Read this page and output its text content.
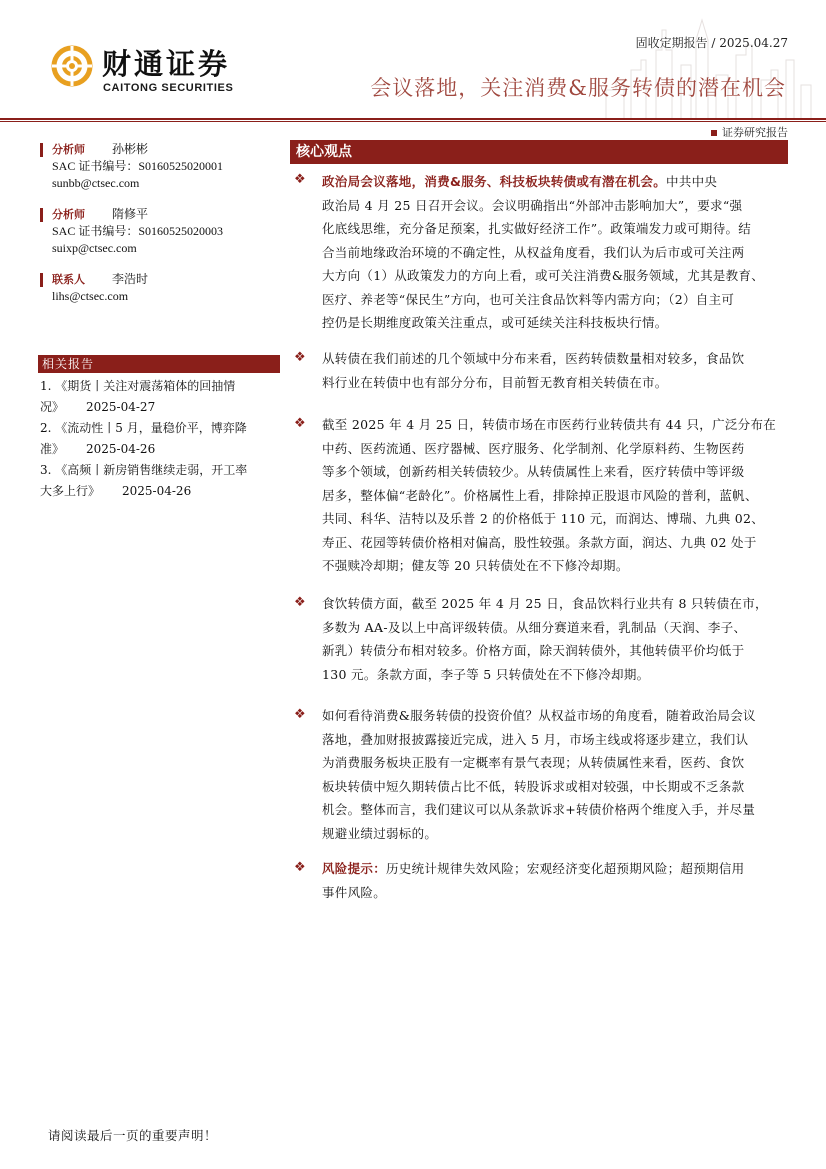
财通证券
CAITONG SECURITIES
固收定期报告 / 2025.04.27
会议落地，关注消费&服务转债的潜在机会
证券研究报告
分析师 孙彬彬
SAC 证书编号：S0160525020001
sunbb@ctsec.com
分析师 隋修平
SAC 证书编号：S0160525020003
suixp@ctsec.com
联系人 李浩时
lihs@ctsec.com
相关报告
1. 《期货丨关注对震荡箱体的回抽情
况》 2025-04-27
2. 《流动性丨5 月，量稳价平，博弈降
准》 2025-04-26
3. 《高频丨新房销售继续走弱，开工率
大多上行》 2025-04-26
核心观点
❖ 政治局会议落地，消费&服务、科技板块转债或有潜在机会。中共中央
政治局 4 月 25 日召开会议。会议明确指出“外部冲击影响加大”，要求“强
化底线思维，充分备足预案，扎实做好经济工作”。政策端发力或可期待。结
合当前地缘政治环境的不确定性，从权益角度看，我们认为后市或可关注两
大方向（1）从政策发力的方向上看，或可关注消费&服务领域，尤其是教育、
医疗、养老等“保民生”方向，也可关注食品饮料等内需方向；（2）自主可
控仍是长期维度政策关注重点，或可延续关注科技板块行情。
❖ 从转债在我们前述的几个领域中分布来看，医药转债数量相对较多，食品饮
料行业在转债中也有部分分布，目前暂无教育相关转债在市。
❖ 截至 2025 年 4 月 25 日，转债市场在市医药行业转债共有 44 只，广泛分布在
中药、医药流通、医疗器械、医疗服务、化学制剂、化学原料药、生物医药
等多个领域，创新药相关转债较少。从转债属性上来看，医疗转债中等评级
居多，整体偏“老龄化”。价格属性上看，排除掉正股退市风险的普利，蓝帆、
共同、科华、洁特以及乐普 2 的价格低于 110 元，而润达、博瑞、九典 02、
寿正、花园等转债价格相对偏高，股性较强。条款方面，润达、九典 02 处于
不强赎冷却期；健友等 20 只转债处在不下修冷却期。
❖ 食饮转债方面，截至 2025 年 4 月 25 日，食品饮料行业共有 8 只转债在市，
多数为 AA-及以上中高评级转债。从细分赛道来看，乳制品（天润、李子、
新乳）转债分布相对较多。价格方面，除天润转债外，其他转债平价均低于
130 元。条款方面，李子等 5 只转债处在不下修冷却期。
❖ 如何看待消费&服务转债的投资价值？从权益市场的角度看，随着政治局会议
落地，叠加财报披露接近完成，进入 5 月，市场主线或将逐步建立，我们认
为消费服务板块正股有一定概率有景气表现；从转债属性来看，医药、食饮
板块转债中短久期转债占比不低，转股诉求或相对较强，中长期或不乏条款
机会。整体而言，我们建议可以从条款诉求+转债价格两个维度入手，并尽量
规避业绩过弱标的。
❖ 风险提示：历史统计规律失效风险；宏观经济变化超预期风险；超预期信用
事件风险。
请阅读最后一页的重要声明！
